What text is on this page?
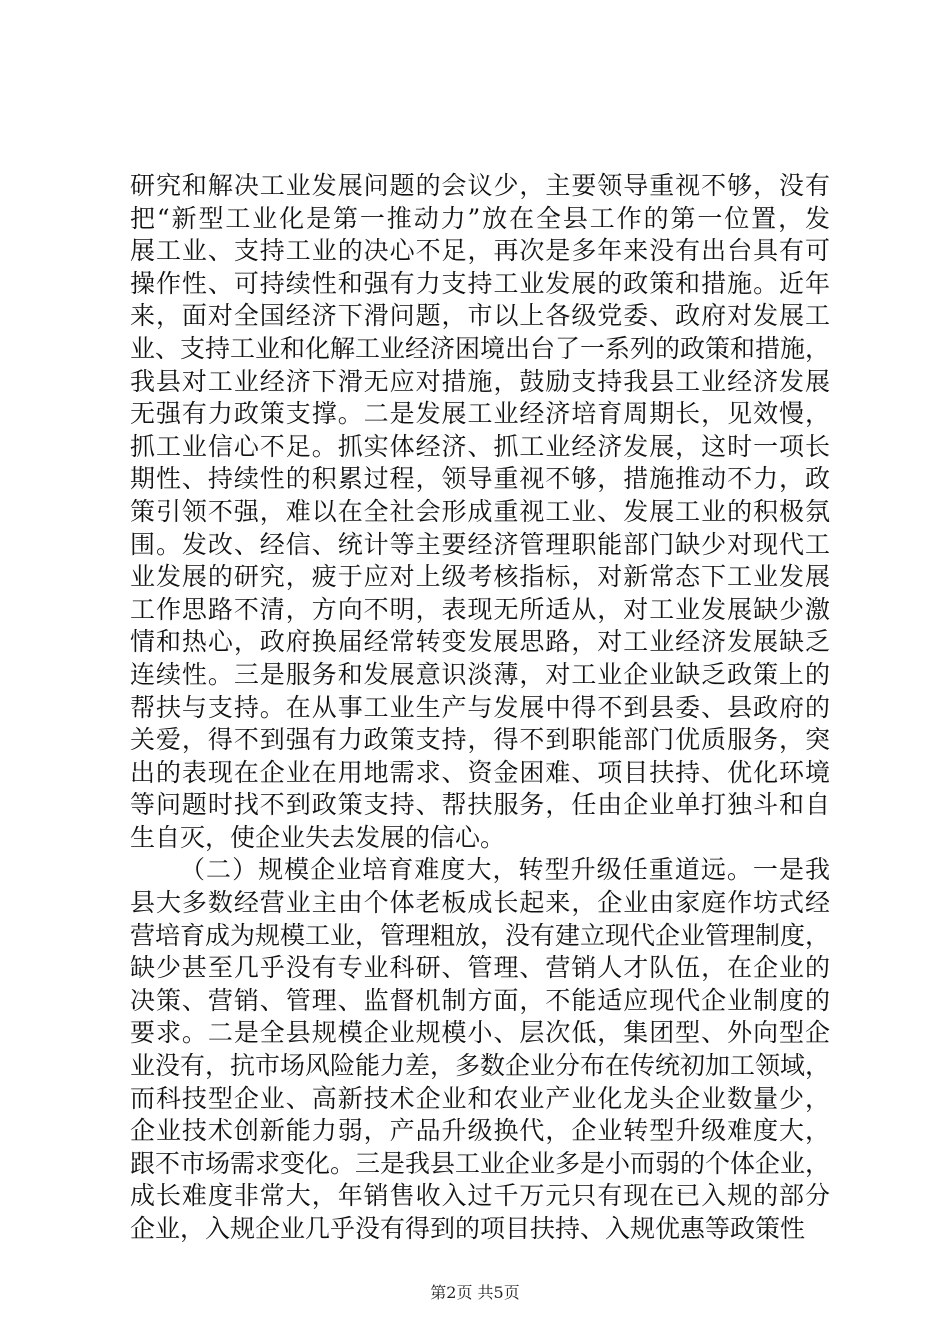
研究和解决工业发展问题的会议少，主要领导重视不够，没有
把“新型工业化是第一推动力”放在全县工作的第一位置，发
展工业、支持工业的决心不足，再次是多年来没有出台具有可
操作性、可持续性和强有力支持工业发展的政策和措施。近年
来，面对全国经济下滑问题，市以上各级党委、政府对发展工
业、支持工业和化解工业经济困境出台了一系列的政策和措施，
我县对工业经济下滑无应对措施，鼓励支持我县工业经济发展
无强有力政策支撑。二是发展工业经济培育周期长，见效慢，
抓工业信心不足。抓实体经济、抓工业经济发展，这时一项长
期性、持续性的积累过程，领导重视不够，措施推动不力，政
策引领不强，难以在全社会形成重视工业、发展工业的积极氛
围。发改、经信、统计等主要经济管理职能部门缺少对现代工
业发展的研究，疲于应对上级考核指标，对新常态下工业发展
工作思路不清，方向不明，表现无所适从，对工业发展缺少激
情和热心，政府换届经常转变发展思路，对工业经济发展缺乏
连续性。三是服务和发展意识淡薄，对工业企业缺乏政策上的
帮扶与支持。在从事工业生产与发展中得不到县委、县政府的
关爱，得不到强有力政策支持，得不到职能部门优质服务，突
出的表现在企业在用地需求、资金困难、项目扶持、优化环境
等问题时找不到政策支持、帮扶服务，任由企业单打独斗和自
生自灭，使企业失去发展的信心。
（二）规模企业培育难度大，转型升级任重道远。一是我
县大多数经营业主由个体老板成长起来，企业由家庭作坊式经
营培育成为规模工业，管理粗放，没有建立现代企业管理制度，
缺少甚至几乎没有专业科研、管理、营销人才队伍，在企业的
决策、营销、管理、监督机制方面，不能适应现代企业制度的
要求。二是全县规模企业规模小、层次低，集团型、外向型企
业没有，抗市场风险能力差，多数企业分布在传统初加工领域，
而科技型企业、高新技术企业和农业产业化龙头企业数量少，
企业技术创新能力弱，产品升级换代，企业转型升级难度大，
跟不市场需求变化。三是我县工业企业多是小而弱的个体企业，
成长难度非常大，年销售收入过千万元只有现在已入规的部分
企业，入规企业几乎没有得到的项目扶持、入规优惠等政策性
第2页 共5页
